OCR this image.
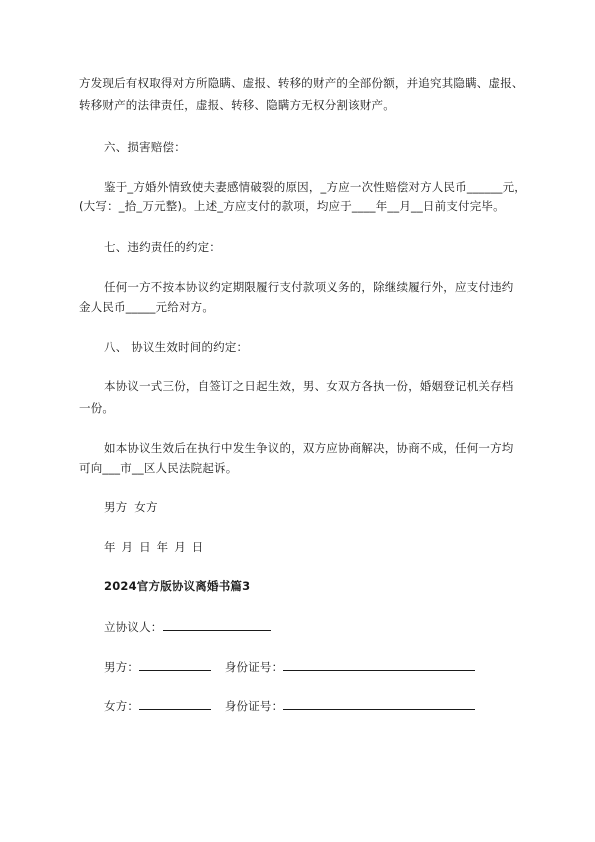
方发现后有权取得对方所隐瞒、虚报、转移的财产的全部份额，并追究其隐瞒、虚报、
转移财产的法律责任，虚报、转移、隐瞒方无权分割该财产。
六、损害赔偿：
鉴于_方婚外情致使夫妻感情破裂的原因，_方应一次性赔偿对方人民币______元，
(大写：_拾_万元整)。上述_方应支付的款项，均应于____年__月__日前支付完毕。
七、违约责任的约定：
任何一方不按本协议约定期限履行支付款项义务的，除继续履行外，应支付违约
金人民币_____元给对方。
八、 协议生效时间的约定：
本协议一式三份，自签订之日起生效，男、女双方各执一份，婚姻登记机关存档
一份。
如本协议生效后在执行中发生争议的，双方应协商解决，协商不成，任何一方均
可向___市__区人民法院起诉。
男方 女方
年 月 日 年 月 日
2024官方版协议离婚书篇3
立协议人：
男方：	身份证号：
女方：	身份证号：
